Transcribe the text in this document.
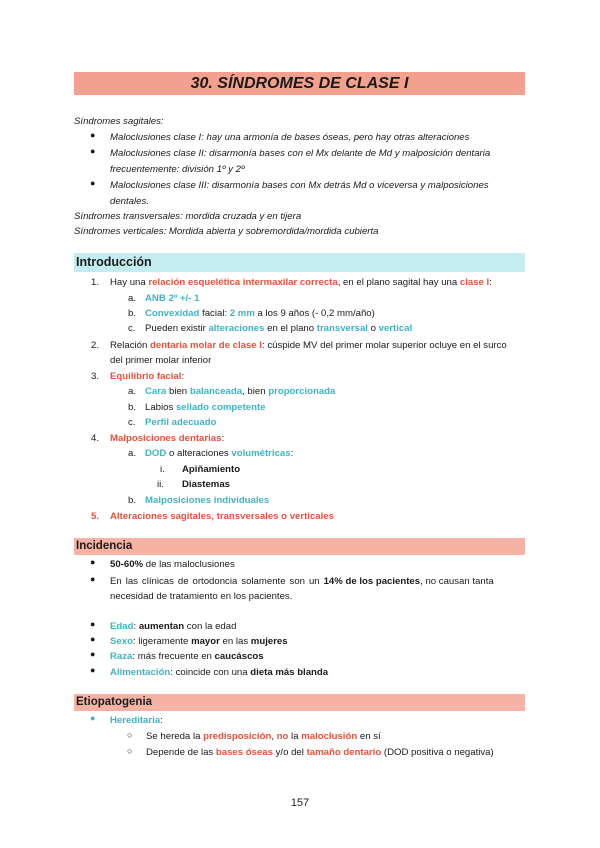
30. SÍNDROMES DE CLASE I
Síndromes sagitales:
● Maloclusiones clase I: hay una armonía de bases óseas, pero hay otras alteraciones
● Maloclusiones clase II: disarmonía bases con el Mx delante de Md y malposición dentaria
frecuentemente: división 1º y 2º
● Maloclusiones clase III: disarmonía bases con Mx detrás Md o viceversa y malposiciones
dentales.
Síndromes transversales: mordida cruzada y en tijera
Síndromes verticales: Mordida abierta y sobremordida/mordida cubierta
Introducción
1. Hay una relación esquelética intermaxilar correcta, en el plano sagital hay una clase I:
a. ANB 2º +/- 1
b. Convexidad facial: 2 mm a los 9 años (- 0,2 mm/año)
c. Pueden existir alteraciones en el plano transversal o vertical
2. Relación dentaria molar de clase I: cúspide MV del primer molar superior ocluye en el surco
del primer molar inferior
3. Equilibrio facial:
a. Cara bien balanceada, bien proporcionada
b. Labios sellado competente
c. Perfil adecuado
4. Malposiciones dentarias:
a. DOD o alteraciones volumétricas:
i. Apiñamiento
ii. Diastemas
b. Malposiciones individuales
5. Alteraciones sagitales, transversales o verticales
Incidencia
● 50-60% de las maloclusiones
● En las clínicas de ortodoncia solamente son un 14% de los pacientes, no causan tanta
necesidad de tratamiento en los pacientes.
● Edad: aumentan con la edad
● Sexo: ligeramente mayor en las mujeres
● Raza: más frecuente en caucáscos
● Alimentación: coincide con una dieta más blanda
Etiopatogenia
● Hereditaria:
○ Se hereda la predisposición, no la maloclusión en sí
○ Depende de las bases óseas y/o del tamaño dentario (DOD positiva o negativa)
157
